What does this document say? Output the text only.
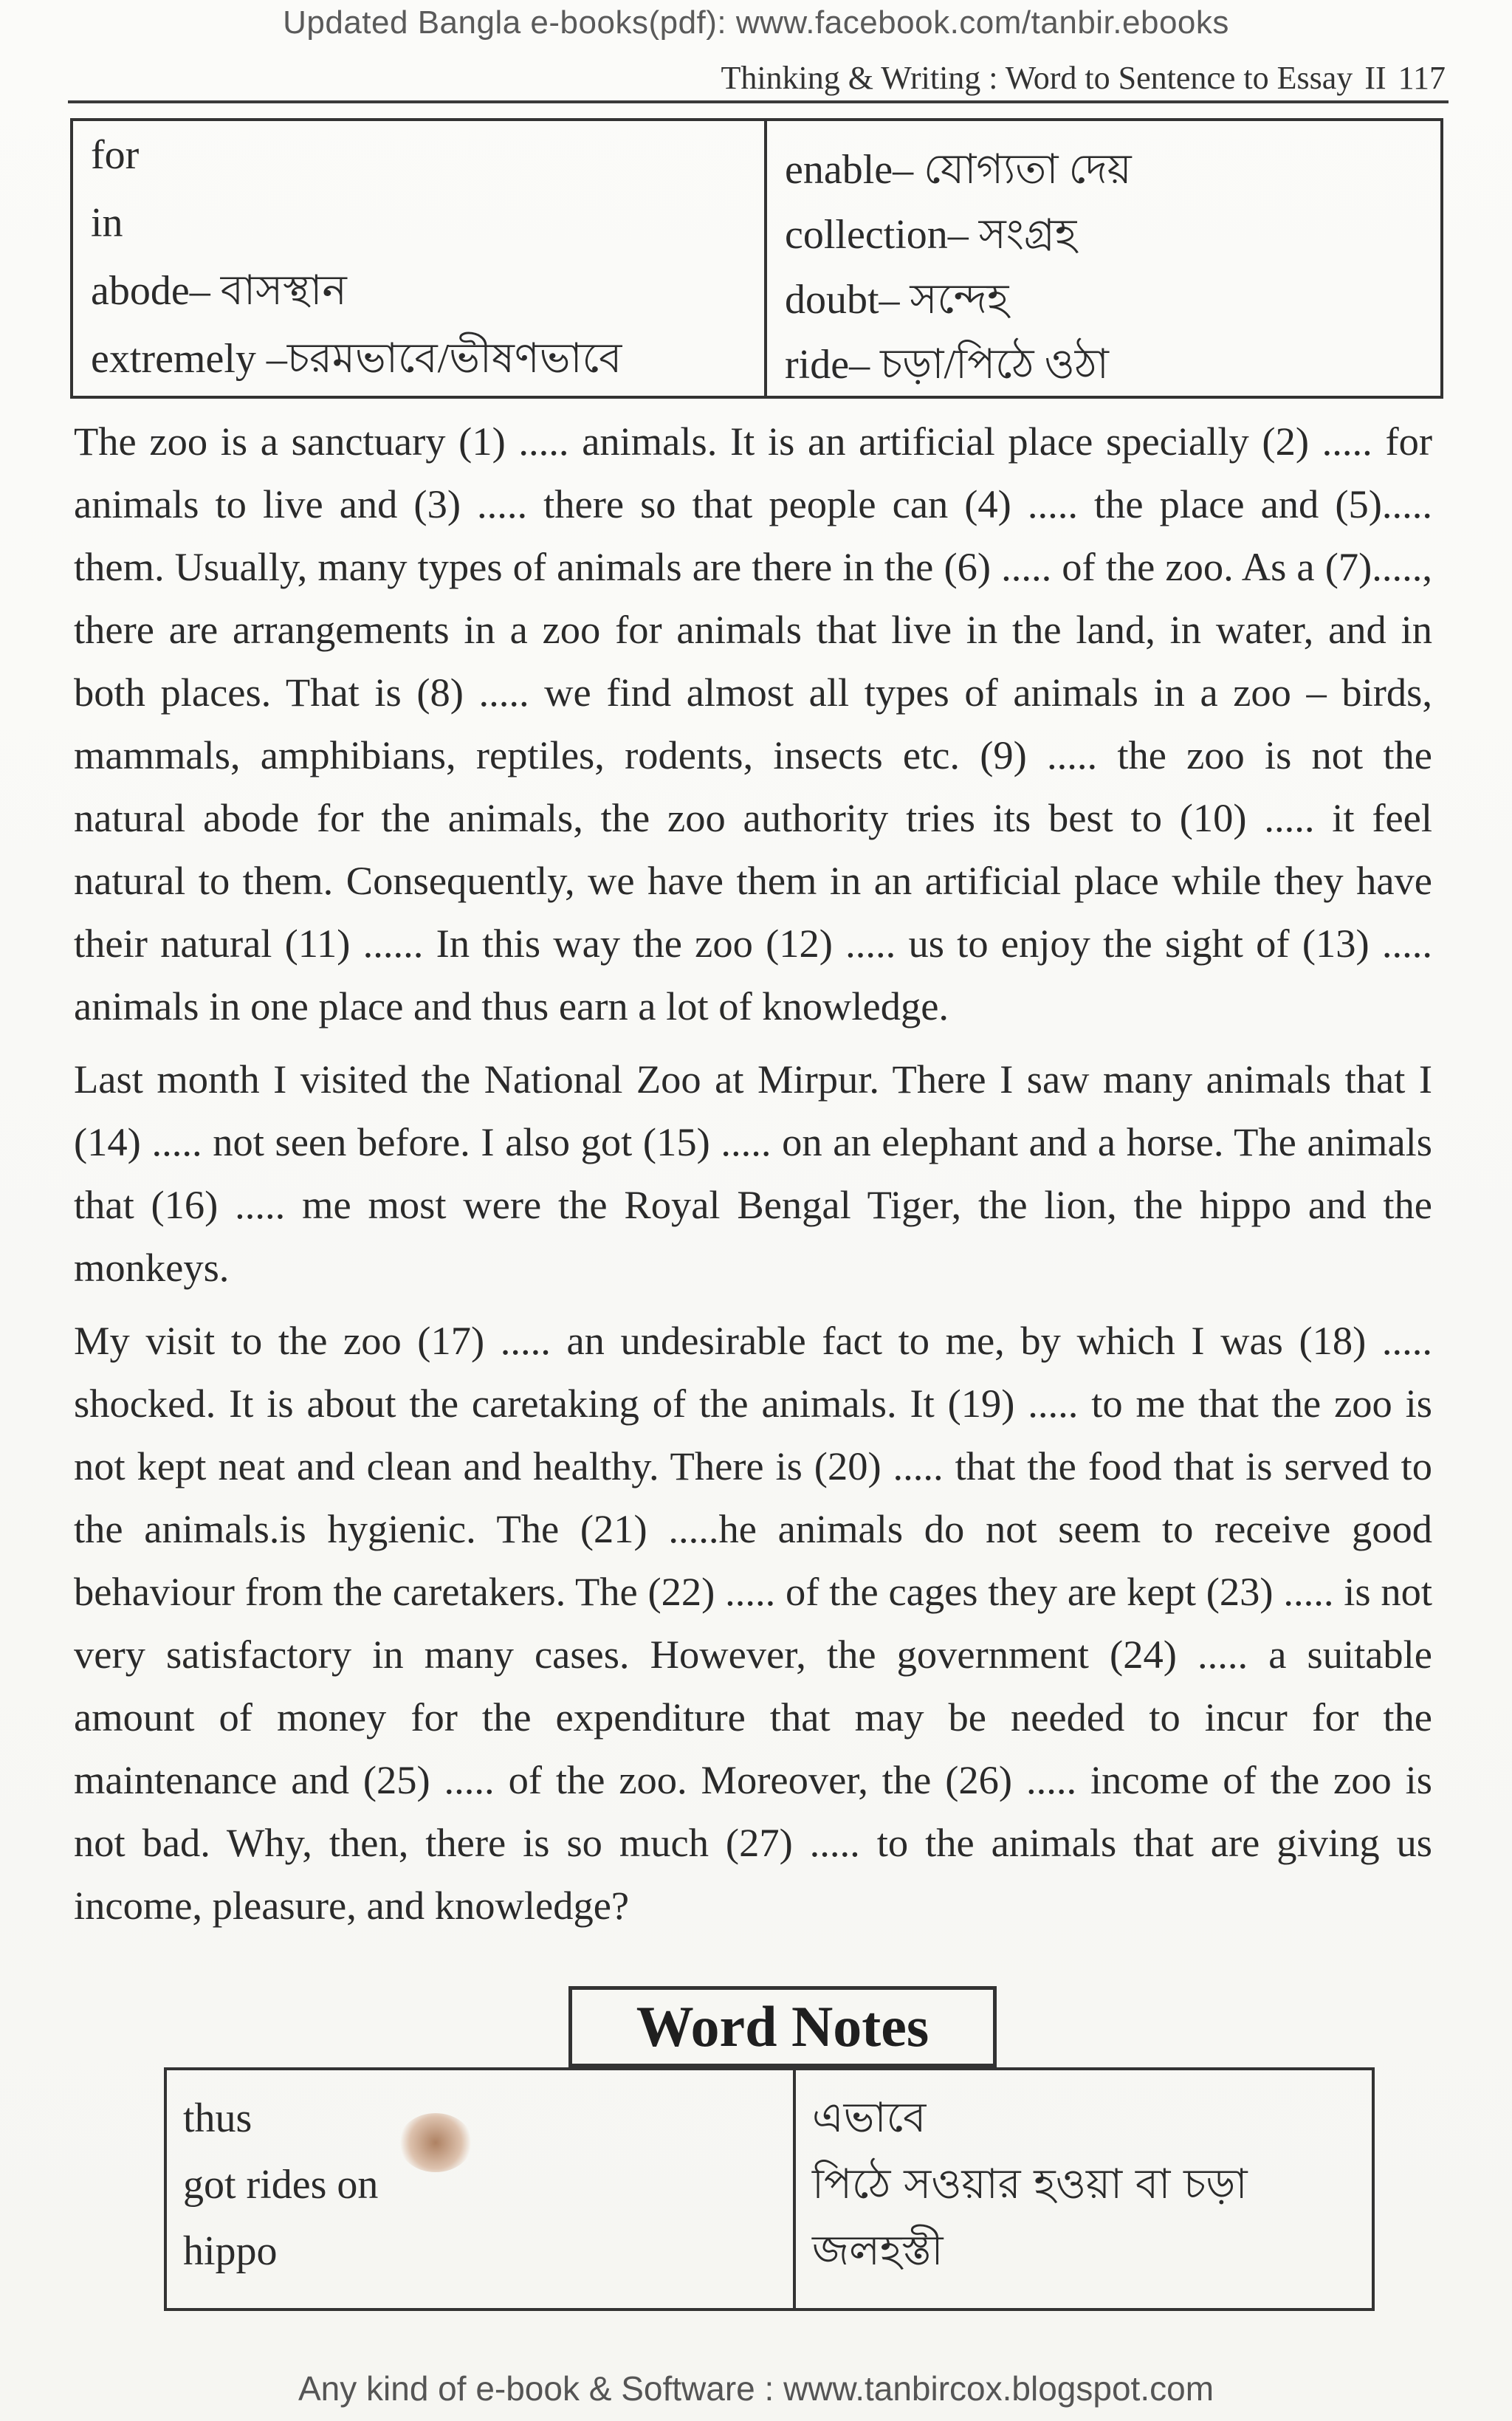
Updated Bangla e-books(pdf): www.facebook.com/tanbir.ebooks
Thinking & Writing : Word to Sentence to Essay II 117
for
in
abode– বাসস্থান
extremely –চরমভাবে/ভীষণভাবে
enable– যোগ্যতা দেয়
collection– সংগ্রহ
doubt– সন্দেহ
ride– চড়া/পিঠে ওঠা

The zoo is a sanctuary (1) ..... animals. It is an artificial place specially (2) ..... for animals to live and (3) ..... there so that people can (4) ..... the place and (5)..... them. Usually, many types of animals are there in the (6) ..... of the zoo. As a (7)....., there are arrangements in a zoo for animals that live in the land, in water, and in both places. That is (8) ..... we find almost all types of animals in a zoo – birds, mammals, amphibians, reptiles, rodents, insects etc. (9) ..... the zoo is not the natural abode for the animals, the zoo authority tries its best to (10) ..... it feel natural to them. Consequently, we have them in an artificial place while they have their natural (11) ...... In this way the zoo (12) ..... us to enjoy the sight of (13) ..... animals in one place and thus earn a lot of knowledge.

Last month I visited the National Zoo at Mirpur. There I saw many animals that I (14) ..... not seen before. I also got (15) ..... on an elephant and a horse. The animals that (16) ..... me most were the Royal Bengal Tiger, the lion, the hippo and the monkeys.

My visit to the zoo (17) ..... an undesirable fact to me, by which I was (18) ..... shocked. It is about the caretaking of the animals. It (19) ..... to me that the zoo is not kept neat and clean and healthy. There is (20) ..... that the food that is served to the animals.is hygienic. The (21) .....he animals do not seem to receive good behaviour from the caretakers. The (22) ..... of the cages they are kept (23) ..... is not very satisfactory in many cases. However, the government (24) ..... a suitable amount of money for the expenditure that may be needed to incur for the maintenance and (25) ..... of the zoo. Moreover, the (26) ..... income of the zoo is not bad. Why, then, there is so much (27) ..... to the animals that are giving us income, pleasure, and knowledge?

Word Notes
thus
got rides on
hippo
এভাবে
পিঠে সওয়ার হওয়া বা চড়া
জলহস্তী
Any kind of e-book & Software : www.tanbircox.blogspot.com
